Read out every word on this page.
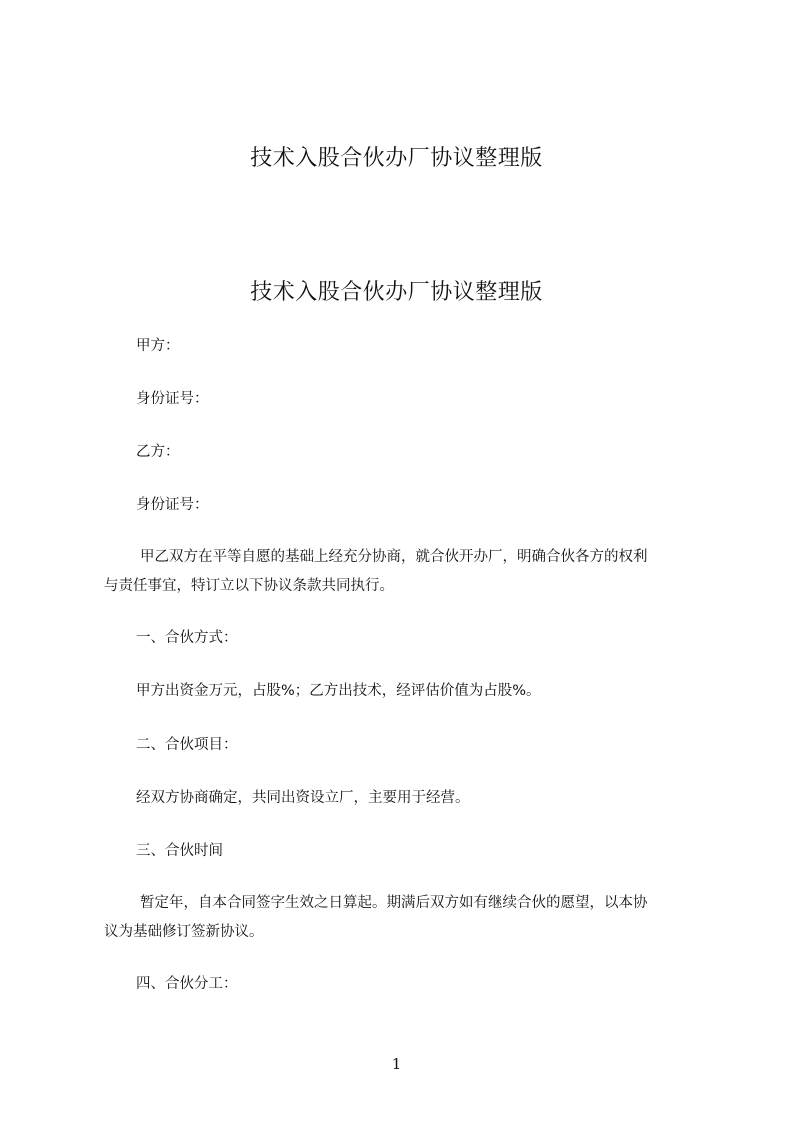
技术入股合伙办厂协议整理版
技术入股合伙办厂协议整理版

甲方：

身份证号：

乙方：

身份证号：

甲乙双方在平等自愿的基础上经充分协商，就合伙开办厂，明确合伙各方的权利
与责任事宜，特订立以下协议条款共同执行。

一、合伙方式：

甲方出资金万元，占股%；乙方出技术，经评估价值为占股%。

二、合伙项目：

经双方协商确定，共同出资设立厂，主要用于经营。

三、合伙时间

暂定年，自本合同签字生效之日算起。期满后双方如有继续合伙的愿望，以本协
议为基础修订签新协议。

四、合伙分工：

1
